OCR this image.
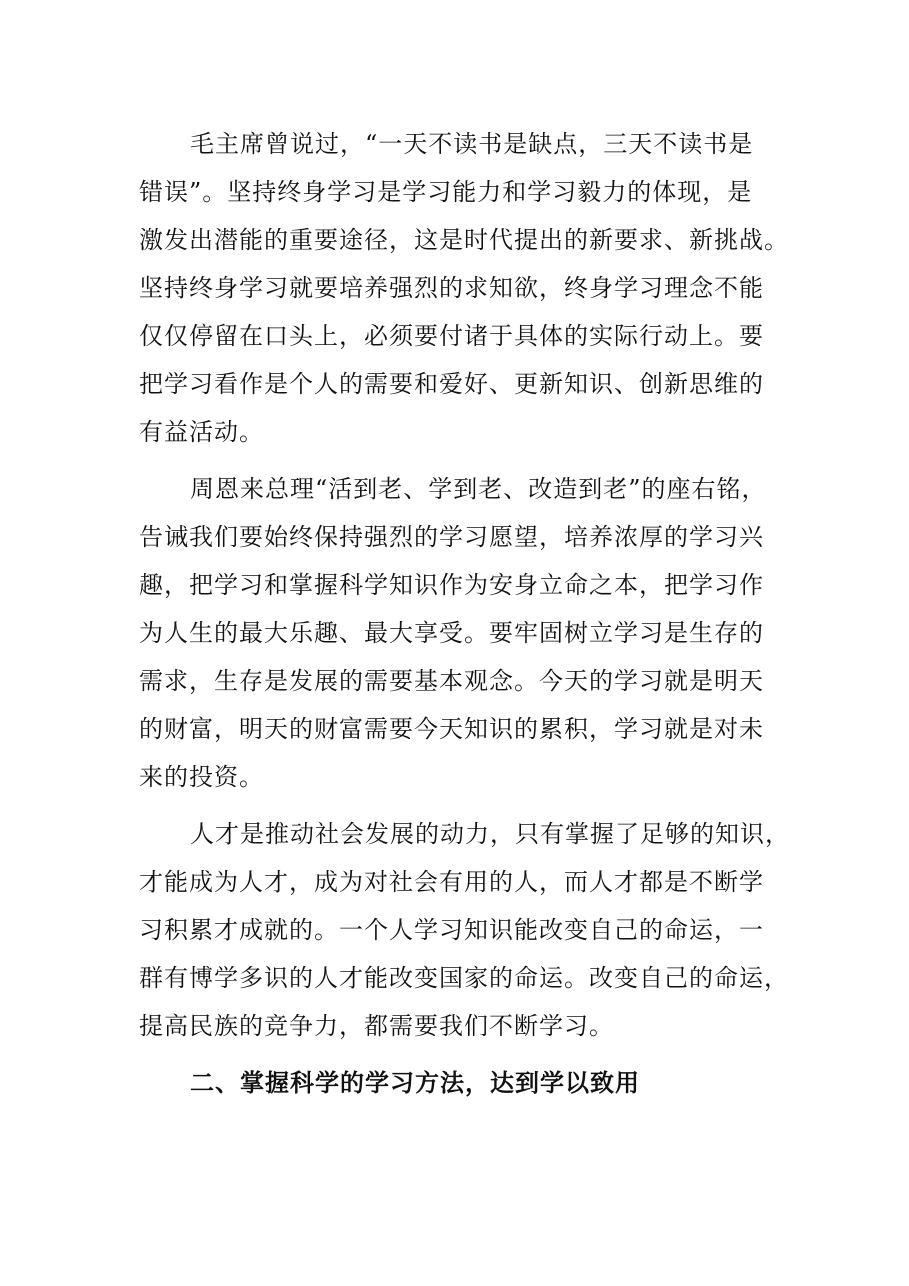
毛主席曾说过，“一天不读书是缺点，三天不读书是
错误”。坚持终身学习是学习能力和学习毅力的体现，是
激发出潜能的重要途径，这是时代提出的新要求、新挑战。
坚持终身学习就要培养强烈的求知欲，终身学习理念不能
仅仅停留在口头上，必须要付诸于具体的实际行动上。要
把学习看作是个人的需要和爱好、更新知识、创新思维的
有益活动。
周恩来总理“活到老、学到老、改造到老”的座右铭，
告诫我们要始终保持强烈的学习愿望，培养浓厚的学习兴
趣，把学习和掌握科学知识作为安身立命之本，把学习作
为人生的最大乐趣、最大享受。要牢固树立学习是生存的
需求，生存是发展的需要基本观念。今天的学习就是明天
的财富，明天的财富需要今天知识的累积，学习就是对未
来的投资。
人才是推动社会发展的动力，只有掌握了足够的知识，
才能成为人才，成为对社会有用的人，而人才都是不断学
习积累才成就的。一个人学习知识能改变自己的命运，一
群有博学多识的人才能改变国家的命运。改变自己的命运，
提高民族的竞争力，都需要我们不断学习。
二、掌握科学的学习方法，达到学以致用
